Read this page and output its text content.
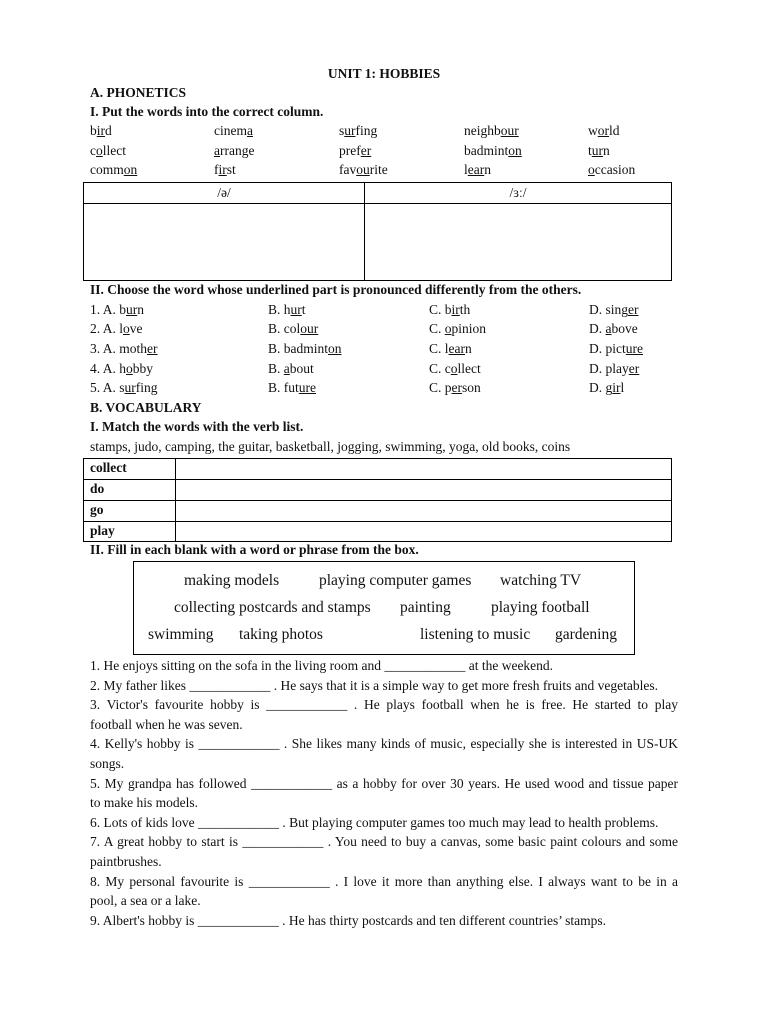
UNIT 1: HOBBIES
A. PHONETICS
I. Put the words into the correct column.
bird	cinema	surfing	neighbour	world
collect	arrange	prefer	badminton	turn
common	first	favourite	learn	occasion
/ə/	/ɜː/
II. Choose the word whose underlined part is pronounced differently from the others.
1. A. burn	B. hurt	C. birth	D. singer
2. A. love	B. colour	C. opinion	D. above
3. A. mother	B. badminton	C. learn	D. picture
4. A. hobby	B. about	C. collect	D. player
5. A. surfing	B. future	C. person	D. girl
B. VOCABULARY
I. Match the words with the verb list.
stamps, judo, camping, the guitar, basketball, jogging, swimming, yoga, old books, coins
collect
do
go
play
II. Fill in each blank with a word or phrase from the box.
making models	playing computer games watching TV
collecting postcards and stamps painting	playing football
swimming taking photos	listening to music gardening
1. He enjoys sitting on the sofa in the living room and ____________ at the weekend.
2. My father likes ____________ . He says that it is a simple way to get more fresh fruits and vegetables.
3. Victor's favourite hobby is ____________ . He plays football when he is free. He started to play
football when he was seven.
4. Kelly's hobby is ____________ . She likes many kinds of music, especially she is interested in US-UK
songs.
5. My grandpa has followed ____________ as a hobby for over 30 years. He used wood and tissue paper
to make his models.
6. Lots of kids love ____________ . But playing computer games too much may lead to health problems.
7. A great hobby to start is ____________ . You need to buy a canvas, some basic paint colours and some
paintbrushes.
8. My personal favourite is ____________ . I love it more than anything else. I always want to be in a
pool, a sea or a lake.
9. Albert's hobby is ____________ . He has thirty postcards and ten different countries’ stamps.
